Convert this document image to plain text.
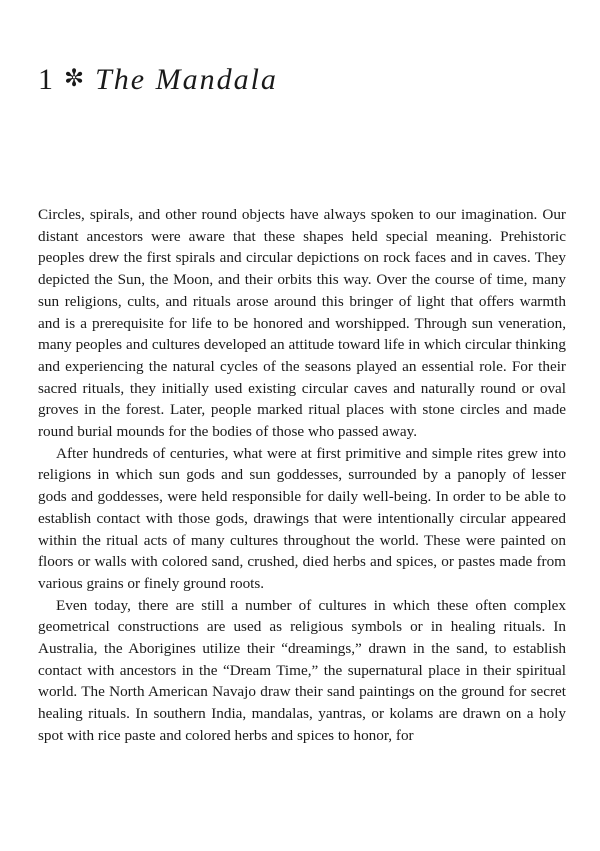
1 ✼ The Mandala

Circles, spirals, and other round objects have always spoken to our imagination. Our distant ancestors were aware that these shapes held special meaning. Prehistoric peoples drew the first spirals and circular depictions on rock faces and in caves. They depicted the Sun, the Moon, and their orbits this way. Over the course of time, many sun religions, cults, and rituals arose around this bringer of light that offers warmth and is a prerequisite for life to be honored and worshipped. Through sun veneration, many peoples and cultures developed an attitude toward life in which circular thinking and experiencing the natural cycles of the seasons played an essential role. For their sacred rituals, they initially used existing circular caves and naturally round or oval groves in the forest. Later, people marked ritual places with stone circles and made round burial mounds for the bodies of those who passed away.

After hundreds of centuries, what were at first primitive and simple rites grew into religions in which sun gods and sun goddesses, surrounded by a panoply of lesser gods and goddesses, were held responsible for daily well-being. In order to be able to establish contact with those gods, drawings that were intentionally circular appeared within the ritual acts of many cultures throughout the world. These were painted on floors or walls with colored sand, crushed, died herbs and spices, or pastes made from various grains or finely ground roots.

Even today, there are still a number of cultures in which these often complex geometrical constructions are used as religious symbols or in healing rituals. In Australia, the Aborigines utilize their “dreamings,” drawn in the sand, to establish contact with ancestors in the “Dream Time,” the supernatural place in their spiritual world. The North American Navajo draw their sand paintings on the ground for secret healing rituals. In southern India, mandalas, yantras, or kolams are drawn on a holy spot with rice paste and colored herbs and spices to honor, for
